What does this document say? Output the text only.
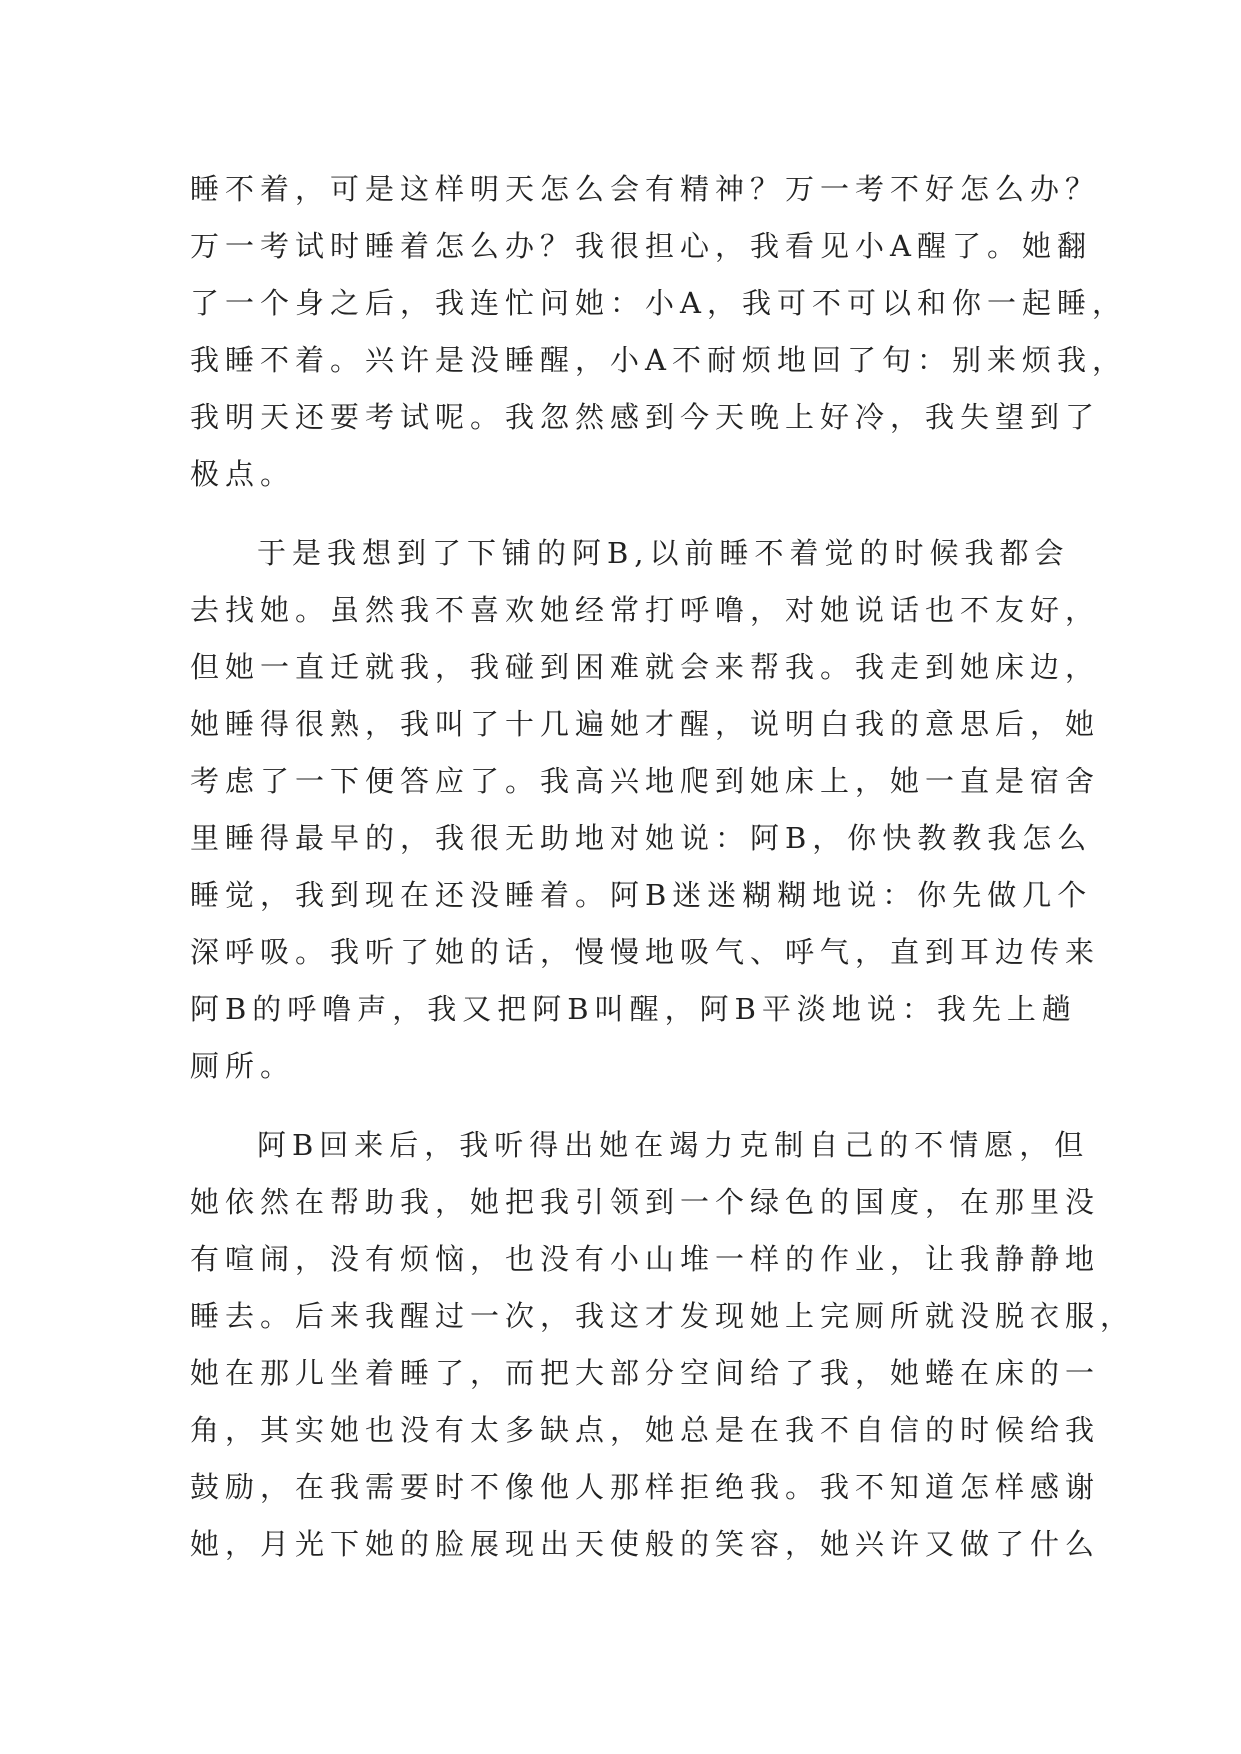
睡不着，可是这样明天怎么会有精神？万一考不好怎么办？
万一考试时睡着怎么办？我很担心，我看见小A醒了。她翻
了一个身之后，我连忙问她：小A，我可不可以和你一起睡，
我睡不着。兴许是没睡醒，小A不耐烦地回了句：别来烦我，
我明天还要考试呢。我忽然感到今天晚上好冷，我失望到了
极点。
于是我想到了下铺的阿B,以前睡不着觉的时候我都会
去找她。虽然我不喜欢她经常打呼噜，对她说话也不友好，
但她一直迁就我，我碰到困难就会来帮我。我走到她床边，
她睡得很熟，我叫了十几遍她才醒，说明白我的意思后，她
考虑了一下便答应了。我高兴地爬到她床上，她一直是宿舍
里睡得最早的，我很无助地对她说：阿B，你快教教我怎么
睡觉，我到现在还没睡着。阿B迷迷糊糊地说：你先做几个
深呼吸。我听了她的话，慢慢地吸气、呼气，直到耳边传来
阿B的呼噜声，我又把阿B叫醒，阿B平淡地说：我先上趟
厕所。
阿B回来后，我听得出她在竭力克制自己的不情愿，但
她依然在帮助我，她把我引领到一个绿色的国度，在那里没
有喧闹，没有烦恼，也没有小山堆一样的作业，让我静静地
睡去。后来我醒过一次，我这才发现她上完厕所就没脱衣服，
她在那儿坐着睡了，而把大部分空间给了我，她蜷在床的一
角，其实她也没有太多缺点，她总是在我不自信的时候给我
鼓励，在我需要时不像他人那样拒绝我。我不知道怎样感谢
她，月光下她的脸展现出天使般的笑容，她兴许又做了什么
